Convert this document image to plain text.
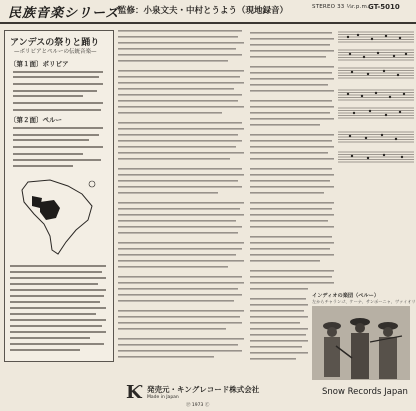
民族音楽シリーズ
監修：小泉文夫・中村とうよう（現地録音）	STEREO 33 ⅓r.p.m.
GT-5010
アンデスの祭りと踊り
—ボリビアとペルーの伝統音楽—
〔第１面〕ボリビア
〔第２面〕ペルー
インディオの楽団（ペルー）
左からチャランゴ、ケーナ、サンポーニャ、ヴァイオリ
Ƙ 発売元・キングレコード株式会社
Made in Japan
Ⓟ 1973 Ⓒ
Snow Records Japan
